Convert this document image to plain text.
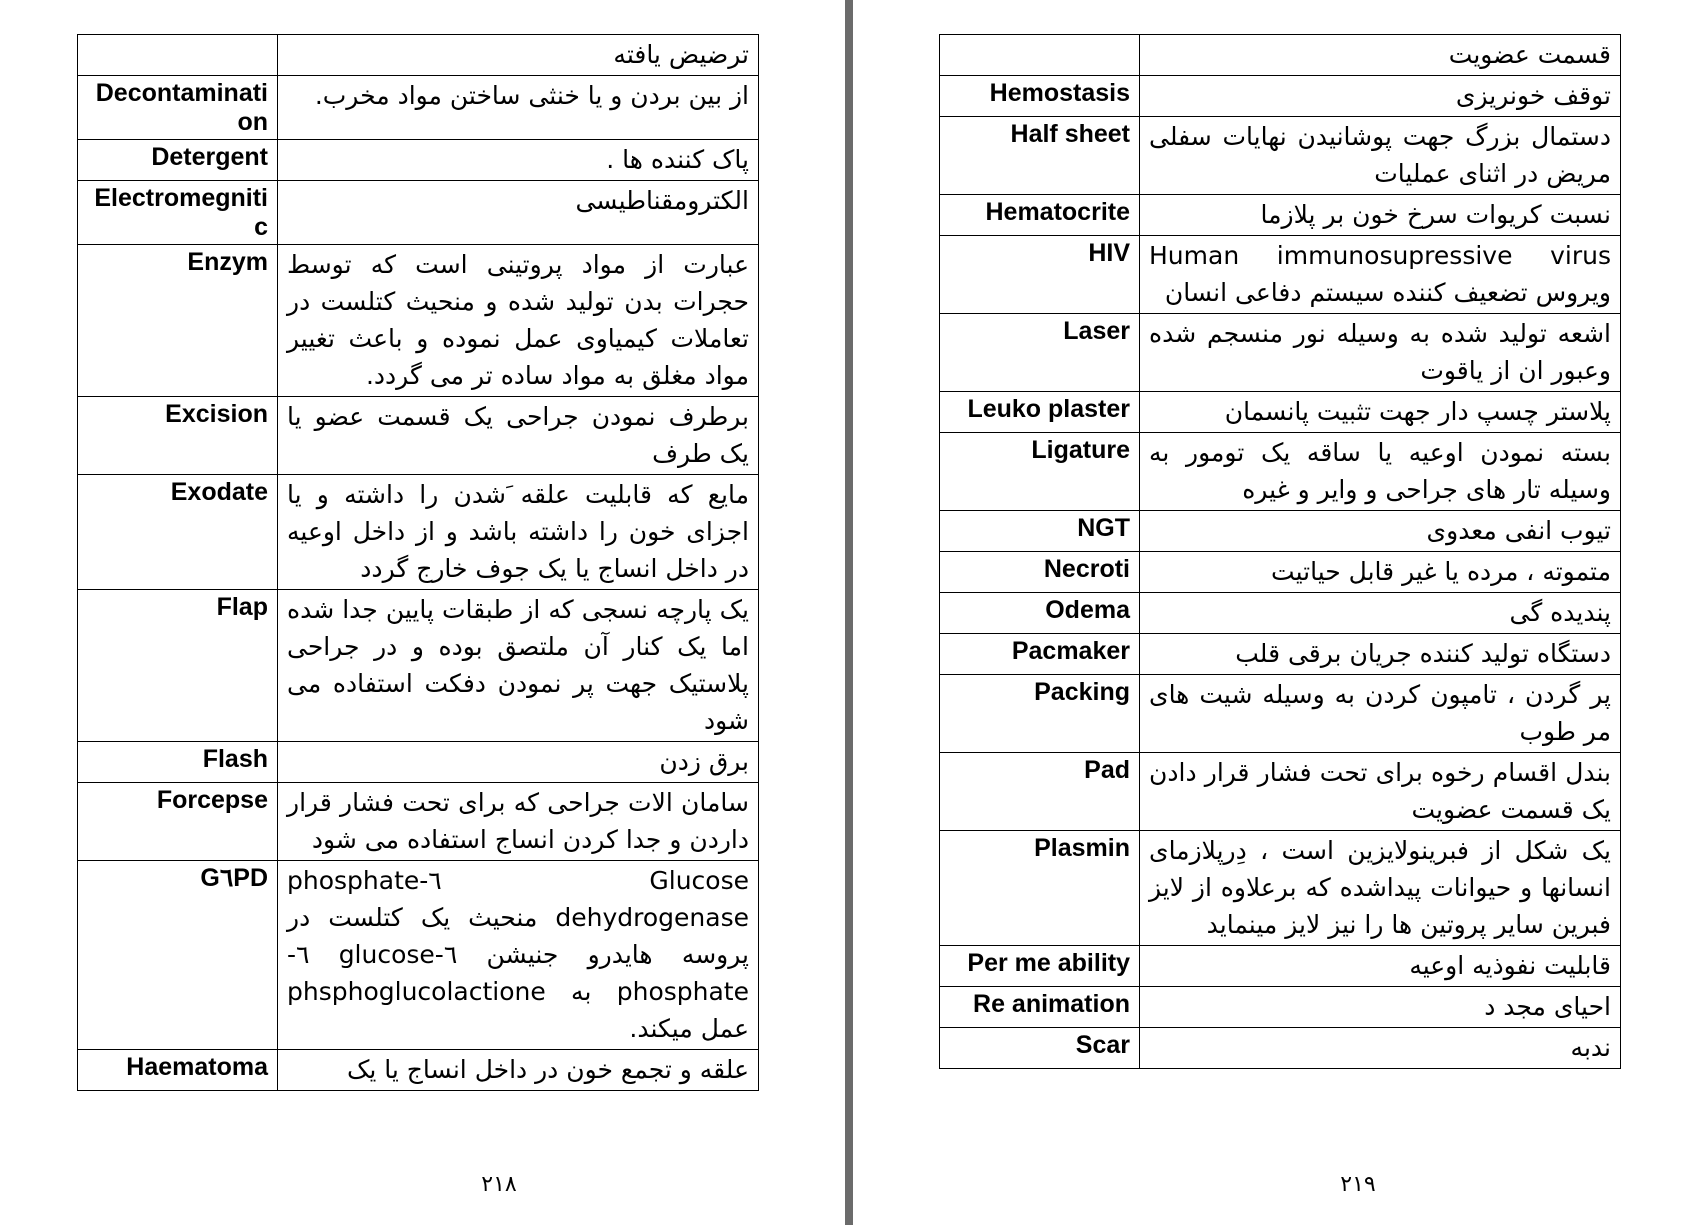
	ترضیض یافته
Decontamination	از بین بردن و یا خنثی ساختن مواد مخرب.
Detergent	پاک کننده ها .
Electromegnitic	الکترومقناطیسی
Enzym	عبارت از مواد پروتینی است که توسط حجرات بدن تولید شده و منحیث کتلست در تعاملات کیمیاوی عمل نموده و باعث تغییر مواد مغلق به مواد ساده تر می گردد.
Excision	برطرف نمودن جراحی یک قسمت عضو یا یک طرف
Exodate	مایع که قابلیت علقه َشدن را داشته و یا اجزای خون را داشته باشد و از داخل اوعیه در داخل انساج یا یک جوف خارج گردد
Flap	یک پارچه نسجی که از طبقات پایین جدا شده اما یک کنار آن ملتصق بوده و در جراحی پلاستیک جهت پر نمودن دفکت استفاده می شود
Flash	برق زدن
Forcepse	سامان الات جراحی که برای تحت فشار قرار داردن و جدا کردن انساج استفاده می شود
G٦PD	Glucose ٦-phosphate dehydrogenase منحیث یک کتلست در پروسه هایدرو جنیشن ٦-glucose ٦-phosphate به phsphoglucolactione عمل میکند.
Haematoma	علقه و تجمع خون در داخل انساج یا یک
۲۱۸
	قسمت عضویت
Hemostasis	توقف خونریزی
Half sheet	دستمال بزرگ جهت پوشانیدن نهایات سفلی مریض در اثنای عملیات
Hematocrite	نسبت کریوات سرخ خون بر پلازما
HIV	Human immunosupressive virus ویروس تضعیف کننده سیستم دفاعی انسان
Laser	اشعه تولید شده به وسیله نور منسجم شده وعبور ان از یاقوت
Leuko plaster	پلاستر چسپ دار جهت تثبیت پانسمان
Ligature	بسته نمودن اوعیه یا ساقه یک تومور به وسیله تار های جراحی و وایر و غیره
NGT	تیوب انفی معدوی
Necroti	متموته ، مرده یا غیر قابل حیاتیت
Odema	پندیده گی
Pacmaker	دستگاه تولید کننده جریان برقی قلب
Packing	پر گردن ، تامپون کردن به وسیله شیت های مر طوب
Pad	بندل اقسام رخوه برای تحت فشار قرار دادن یک قسمت عضویت
Plasmin	یک شکل از فبرینولایزین است ، دِرپلازمای انسانها و حیوانات پیداشده که برعلاوه از لایز فبرین سایر پروتین ها را نیز لایز مینماید
Per me ability	قابلیت نفوذیه اوعیه
Re animation	احیای مجد د
Scar	ندبه
۲۱۹
